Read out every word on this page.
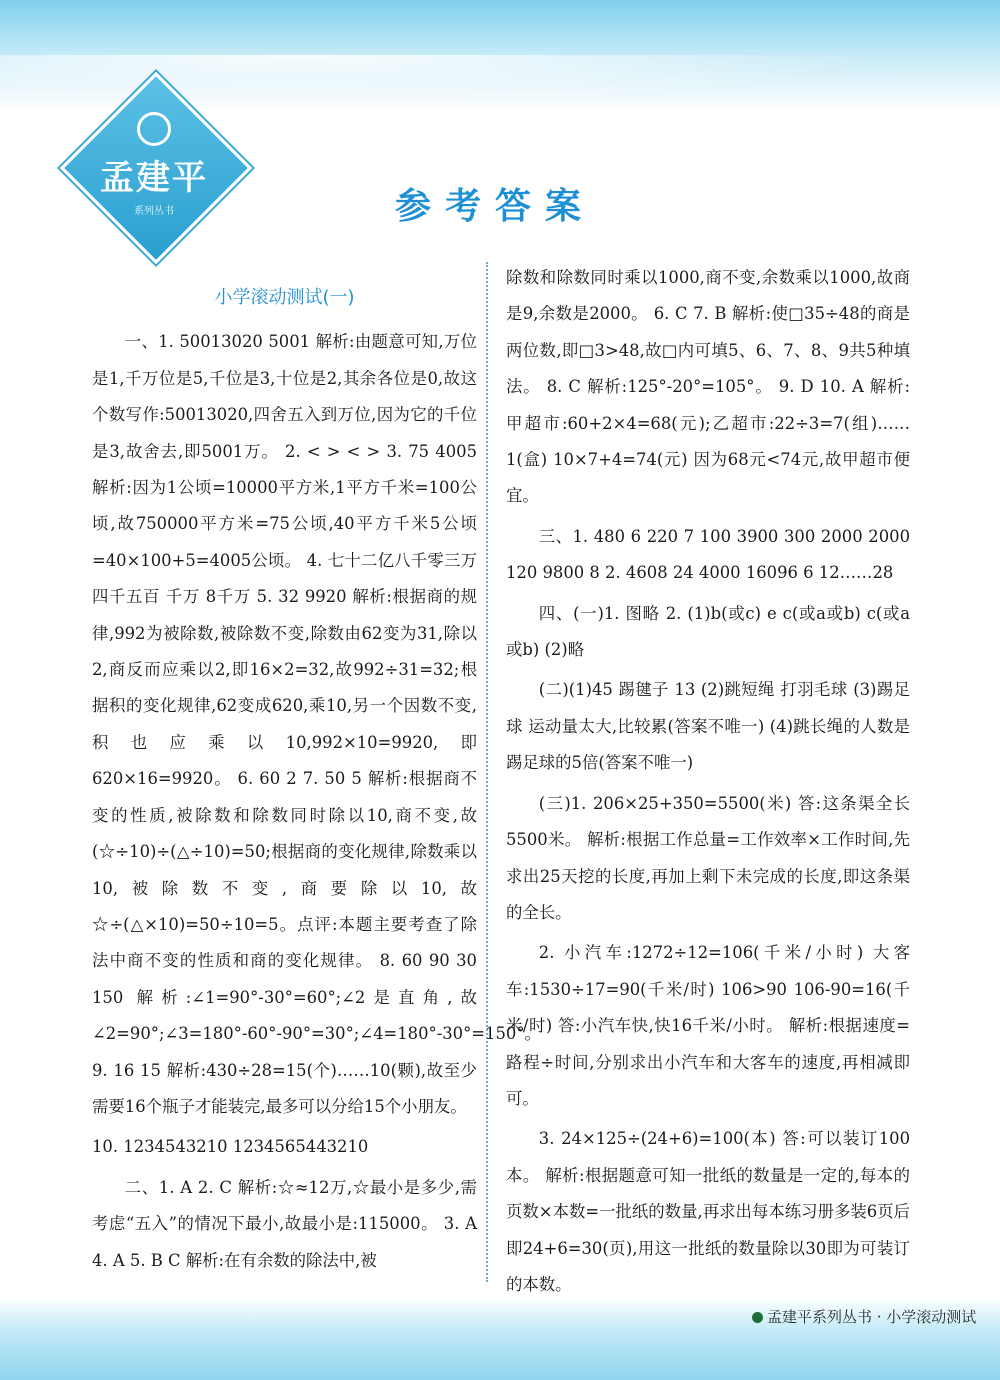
孟建平
系列丛书	参考答案
小学滚动测试(一)

一、1. 50013020 5001 解析:由题意可知,万位是1,千万位是5,千位是3,十位是2,其余各位是0,故这个数写作:50013020,四舍五入到万位,因为它的千位是3,故舍去,即5001万。 2. < > < > 3. 75 4005 解析:因为1公顷=10000平方米,1平方千米=100公顷,故750000平方米=75公顷,40平方千米5公顷=40×100+5=4005公顷。 4. 七十二亿八千零三万四千五百 千万 8千万 5. 32 9920 解析:根据商的规律,992为被除数,被除数不变,除数由62变为31,除以2,商反而应乘以2,即16×2=32,故992÷31=32;根据积的变化规律,62变成620,乘10,另一个因数不变,积也应乘以10,992×10=9920,即620×16=9920。 6. 60 2 7. 50 5 解析:根据商不变的性质,被除数和除数同时除以10,商不变,故(☆÷10)÷(△÷10)=50;根据商的变化规律,除数乘以10,被除数不变,商要除以10,故☆÷(△×10)=50÷10=5。点评:本题主要考查了除法中商不变的性质和商的变化规律。 8. 60 90 30 150 解析:∠1=90°-30°=60°;∠2是直角,故∠2=90°;∠3=180°-60°-90°=30°;∠4=180°-30°=150°。 9. 16 15 解析:430÷28=15(个)……10(颗),故至少需要16个瓶子才能装完,最多可以分给15个小朋友。

10. 1234543210 1234565443210

二、1. A 2. C 解析:☆≈12万,☆最小是多少,需考虑“五入”的情况下最小,故最小是:115000。 3. A 4. A 5. B C 解析:在有余数的除法中,被

除数和除数同时乘以1000,商不变,余数乘以1000,故商是9,余数是2000。 6. C 7. B 解析:使□35÷48的商是两位数,即□3>48,故□内可填5、6、7、8、9共5种填法。 8. C 解析:125°-20°=105°。 9. D 10. A 解析:甲超市:60+2×4=68(元);乙超市:22÷3=7(组)……1(盒) 10×7+4=74(元) 因为68元<74元,故甲超市便宜。

三、1. 480 6 220 7 100 3900 300 2000 2000 120 9800 8 2. 4608 24 4000 16096 6 12……28

四、(一)1. 图略 2. (1)b(或c) e c(或a或b) c(或a或b) (2)略

(二)(1)45 踢毽子 13 (2)跳短绳 打羽毛球 (3)踢足球 运动量太大,比较累(答案不唯一) (4)跳长绳的人数是踢足球的5倍(答案不唯一)

(三)1. 206×25+350=5500(米) 答:这条渠全长5500米。 解析:根据工作总量=工作效率×工作时间,先求出25天挖的长度,再加上剩下未完成的长度,即这条渠的全长。

2. 小汽车:1272÷12=106(千米/小时) 大客车:1530÷17=90(千米/时) 106>90 106-90=16(千米/时) 答:小汽车快,快16千米/小时。 解析:根据速度=路程÷时间,分别求出小汽车和大客车的速度,再相减即可。

3. 24×125÷(24+6)=100(本) 答:可以装订100本。 解析:根据题意可知一批纸的数量是一定的,每本的页数×本数=一批纸的数量,再求出每本练习册多装6页后即24+6=30(页),用这一批纸的数量除以30即为可装订的本数。

孟建平系列丛书 · 小学滚动测试
